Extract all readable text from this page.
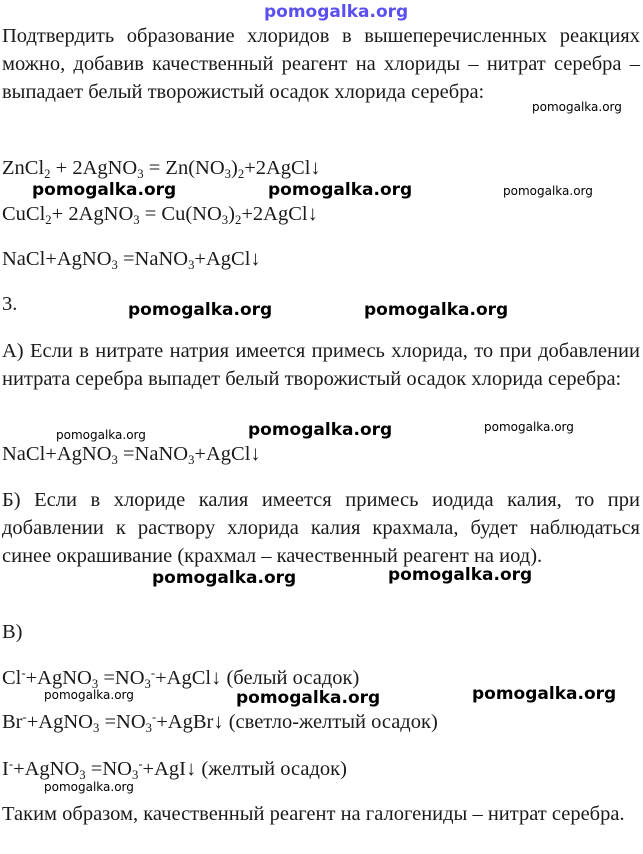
pomogalka.org
Подтвердить образование хлоридов в вышеперечисленных реакциях можно, добавив качественный реагент на хлориды – нитрат серебра – выпадает белый творожистый осадок хлорида серебра:
ZnCl$_2$ + 2AgNO$_3$ = $Zn(NO_3)_2+2AgCl↓$
CuCl$_2$+ 2AgNO$_3$ = $Cu(NO_3)_2+2AgCl↓$
NaCl+AgNO$_3$ =NaNO$_3$+AgCl↓
3.
А) Если в нитрате натрия имеется примесь хлорида, то при добавлении нитрата серебра выпадет белый творожистый осадок хлорида серебра:
NaCl+AgNO$_3$ =NaNO$_3$+AgCl↓
Б) Если в хлориде калия имеется примесь иодида калия, то при добавлении к раствору хлорида калия крахмала, будет наблюдаться синее окрашивание (крахмал – качественный реагент на иод).
В)
Cl-+AgNO$_3$ $=NO_3^-+AgCl↓$ (белый осадок)
Br-+AgNO$_3$ $=NO_3^-+AgBr↓$ (светло-желтый осадок)
I-+AgNO$_3$ $=NO_3^-+AgI↓$ (желтый осадок)
Таким образом, качественный реагент на галогениды – нитрат серебра.
pomogalka.org
pomogalka.org	pomogalka.org	pomogalka.org
pomogalka.org	pomogalka.org
pomogalka.org	pomogalka.org	pomogalka.org
pomogalka.org	pomogalka.org
pomogalka.org	pomogalka.org	pomogalka.org
pomogalka.org
